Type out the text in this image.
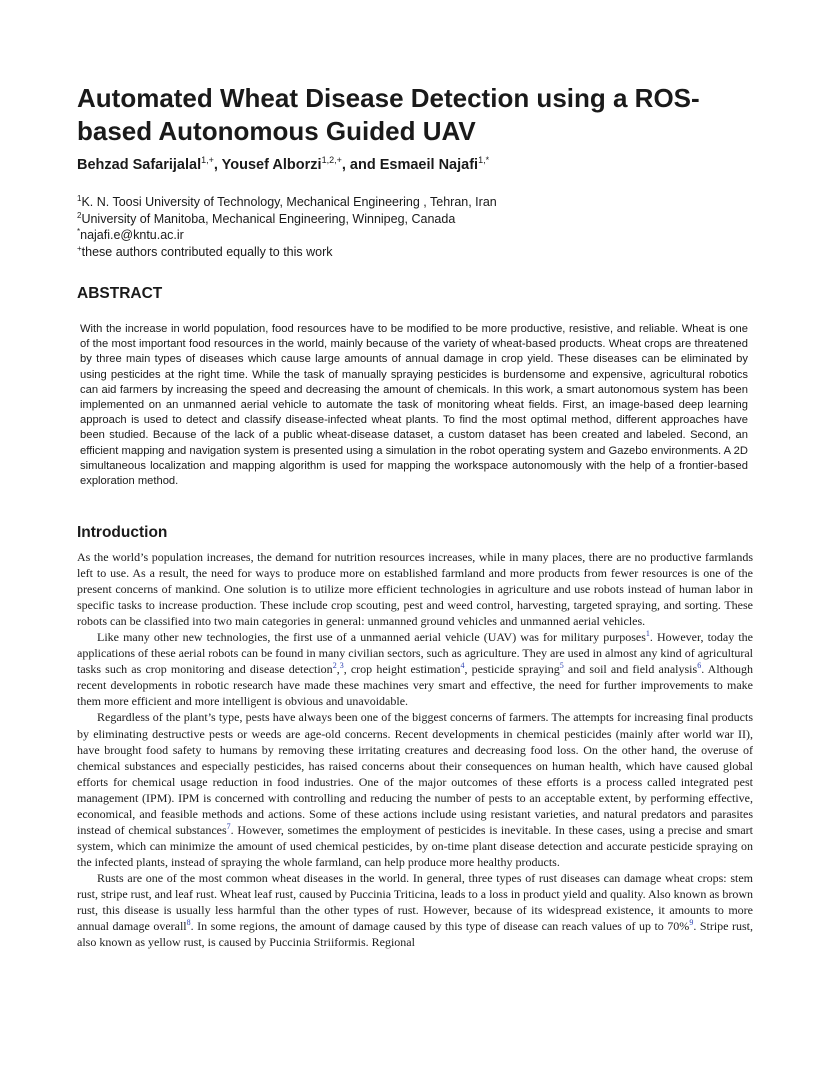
Automated Wheat Disease Detection using a ROS-based Autonomous Guided UAV
Behzad Safarijalal$^{1,+}$, Yousef Alborzi$^{1,2,+}$, and Esmaeil Najafi$^{1,*}$
$^1$K. N. Toosi University of Technology, Mechanical Engineering , Tehran, Iran
$^2$University of Manitoba, Mechanical Engineering, Winnipeg, Canada
*najafi.e@kntu.ac.ir
+these authors contributed equally to this work
ABSTRACT

With the increase in world population, food resources have to be modified to be more productive, resistive, and reliable. Wheat is one of the most important food resources in the world, mainly because of the variety of wheat-based products. Wheat crops are threatened by three main types of diseases which cause large amounts of annual damage in crop yield. These diseases can be eliminated by using pesticides at the right time. While the task of manually spraying pesticides is burdensome and expensive, agricultural robotics can aid farmers by increasing the speed and decreasing the amount of chemicals. In this work, a smart autonomous system has been implemented on an unmanned aerial vehicle to automate the task of monitoring wheat fields. First, an image-based deep learning approach is used to detect and classify disease-infected wheat plants. To find the most optimal method, different approaches have been studied. Because of the lack of a public wheat-disease dataset, a custom dataset has been created and labeled. Second, an efficient mapping and navigation system is presented using a simulation in the robot operating system and Gazebo environments. A 2D simultaneous localization and mapping algorithm is used for mapping the workspace autonomously with the help of a frontier-based exploration method.

Introduction

As the world’s population increases, the demand for nutrition resources increases, while in many places, there are no productive farmlands left to use. As a result, the need for ways to produce more on established farmland and more products from fewer resources is one of the present concerns of mankind. One solution is to utilize more efficient technologies in agriculture and use robots instead of human labor in specific tasks to increase production. These include crop scouting, pest and weed control, harvesting, targeted spraying, and sorting. These robots can be classified into two main categories in general: unmanned ground vehicles and unmanned aerial vehicles.

Like many other new technologies, the first use of a unmanned aerial vehicle (UAV) was for military purposes$^1$. However, today the applications of these aerial robots can be found in many civilian sectors, such as agriculture. They are used in almost any kind of agricultural tasks such as crop monitoring and disease detection$^2$,$^3$, crop height estimation$^4$, pesticide spraying$^5$ and soil and field analysis$^6$. Although recent developments in robotic research have made these machines very smart and effective, the need for further improvements to make them more efficient and more intelligent is obvious and unavoidable.

Regardless of the plant’s type, pests have always been one of the biggest concerns of farmers. The attempts for increasing final products by eliminating destructive pests or weeds are age-old concerns. Recent developments in chemical pesticides (mainly after world war II), have brought food safety to humans by removing these irritating creatures and decreasing food loss. On the other hand, the overuse of chemical substances and especially pesticides, has raised concerns about their consequences on human health, which have caused global efforts for chemical usage reduction in food industries. One of the major outcomes of these efforts is a process called integrated pest management (IPM). IPM is concerned with controlling and reducing the number of pests to an acceptable extent, by performing effective, economical, and feasible methods and actions. Some of these actions include using resistant varieties, and natural predators and parasites instead of chemical substances$^7$. However, sometimes the employment of pesticides is inevitable. In these cases, using a precise and smart system, which can minimize the amount of used chemical pesticides, by on-time plant disease detection and accurate pesticide spraying on the infected plants, instead of spraying the whole farmland, can help produce more healthy products.

Rusts are one of the most common wheat diseases in the world. In general, three types of rust diseases can damage wheat crops: stem rust, stripe rust, and leaf rust. Wheat leaf rust, caused by Puccinia Triticina, leads to a loss in product yield and quality. Also known as brown rust, this disease is usually less harmful than the other types of rust. However, because of its widespread existence, it amounts to more annual damage overall$^8$. In some regions, the amount of damage caused by this type of disease can reach values of up to 70%$^9$. Stripe rust, also known as yellow rust, is caused by Puccinia Striiformis. Regional
